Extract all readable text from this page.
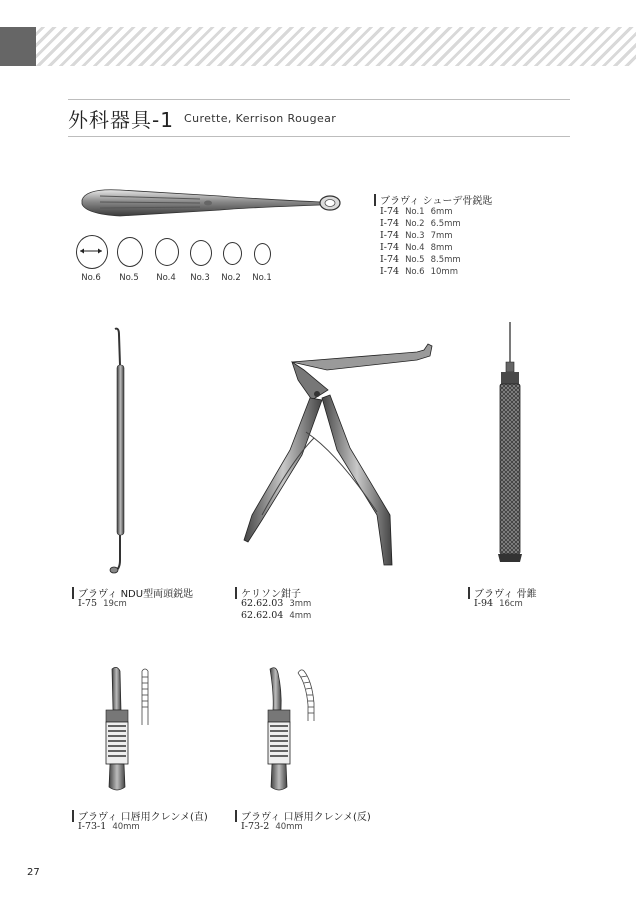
外科器具-1 Curette, Kerrison Rougear
No.6	No.5	No.4	No.3	No.2	No.1
ブラヴィ シューデ骨鋭匙
I-74 No.1 6mm
I-74 No.2 6.5mm
I-74 No.3 7mm
I-74 No.4 8mm
I-74 No.5 8.5mm
I-74 No.6 10mm
ブラヴィ NDU型両頭鋭匙
I-75 19cm
ケリソン鉗子
62.62.03 3mm
62.62.04 4mm
ブラヴィ 骨錐
I-94 16cm
ブラヴィ 口唇用クレンメ(直)
I-73-1 40mm
ブラヴィ 口唇用クレンメ(反)
I-73-2 40mm
27
